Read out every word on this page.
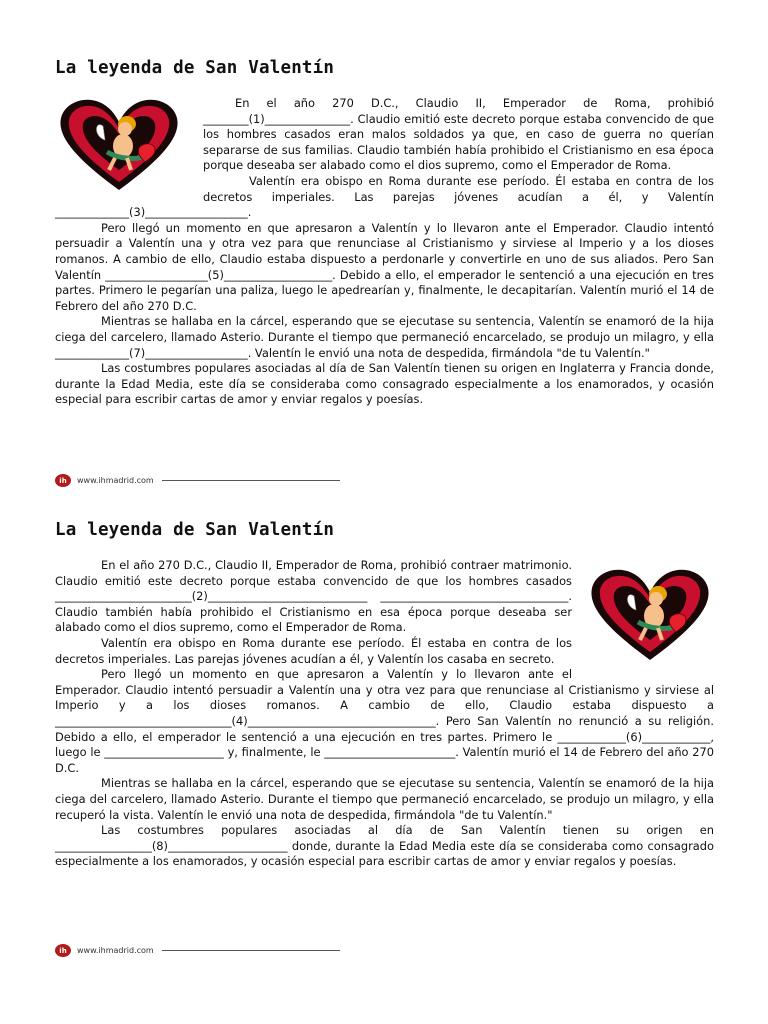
La leyenda de San Valentín

En el año 270 D.C., Claudio II, Emperador de Roma, prohibió ________(1)_______________. Claudio emitió este decreto porque estaba convencido de que los hombres casados eran malos soldados ya que, en caso de guerra no querían separarse de sus familias. Claudio también había prohibido el Cristianismo en esa época porque deseaba ser alabado como el dios supremo, como el Emperador de Roma.

Valentín era obispo en Roma durante ese período. Él estaba en contra de los decretos imperiales. Las parejas jóvenes acudían a él, y Valentín _____________(3)__________________.

Pero llegó un momento en que apresaron a Valentín y lo llevaron ante el Emperador. Claudio intentó persuadir a Valentín una y otra vez para que renunciase al Cristianismo y sirviese al Imperio y a los dioses romanos. A cambio de ello, Claudio estaba dispuesto a perdonarle y convertirle en uno de sus aliados. Pero San Valentín __________________(5)___________________. Debido a ello, el emperador le sentenció a una ejecución en tres partes. Primero le pegarían una paliza, luego le apedrearían y, finalmente, le decapitarían. Valentín murió el 14 de Febrero del año 270 D.C.

Mientras se hallaba en la cárcel, esperando que se ejecutase su sentencia, Valentín se enamoró de la hija ciega del carcelero, llamado Asterio. Durante el tiempo que permaneció encarcelado, se produjo un milagro, y ella _____________(7)__________________. Valentín le envió una nota de despedida, firmándola "de tu Valentín."

Las costumbres populares asociadas al día de San Valentín tienen su origen en Inglaterra y Francia donde, durante la Edad Media, este día se consideraba como consagrado especialmente a los enamorados, y ocasión especial para escribir cartas de amor y enviar regalos y poesías.

ih	www.ihmadrid.com
La leyenda de San Valentín

En el año 270 D.C., Claudio II, Emperador de Roma, prohibió contraer matrimonio. Claudio emitió este decreto porque estaba convencido de que los hombres casados ________________________(2)____________________________ _________________________________. Claudio también había prohibido el Cristianismo en esa época porque deseaba ser alabado como el dios supremo, como el Emperador de Roma.

Valentín era obispo en Roma durante ese período. Él estaba en contra de los decretos imperiales. Las parejas jóvenes acudían a él, y Valentín los casaba en secreto.

Pero llegó un momento en que apresaron a Valentín y lo llevaron ante el Emperador. Claudio intentó persuadir a Valentín una y otra vez para que renunciase al Cristianismo y sirviese al Imperio y a los dioses romanos. A cambio de ello, Claudio estaba dispuesto a _______________________________(4)_________________________________. Pero San Valentín no renunció a su religión. Debido a ello, el emperador le sentenció a una ejecución en tres partes. Primero le ____________(6)____________, luego le _____________________ y, finalmente, le _______________________. Valentín murió el 14 de Febrero del año 270 D.C.

Mientras se hallaba en la cárcel, esperando que se ejecutase su sentencia, Valentín se enamoró de la hija ciega del carcelero, llamado Asterio. Durante el tiempo que permaneció encarcelado, se produjo un milagro, y ella recuperó la vista. Valentín le envió una nota de despedida, firmándola "de tu Valentín."

Las costumbres populares asociadas al día de San Valentín tienen su origen en _________________(8)_____________________ donde, durante la Edad Media este día se consideraba como consagrado especialmente a los enamorados, y ocasión especial para escribir cartas de amor y enviar regalos y poesías.

ih	www.ihmadrid.com
